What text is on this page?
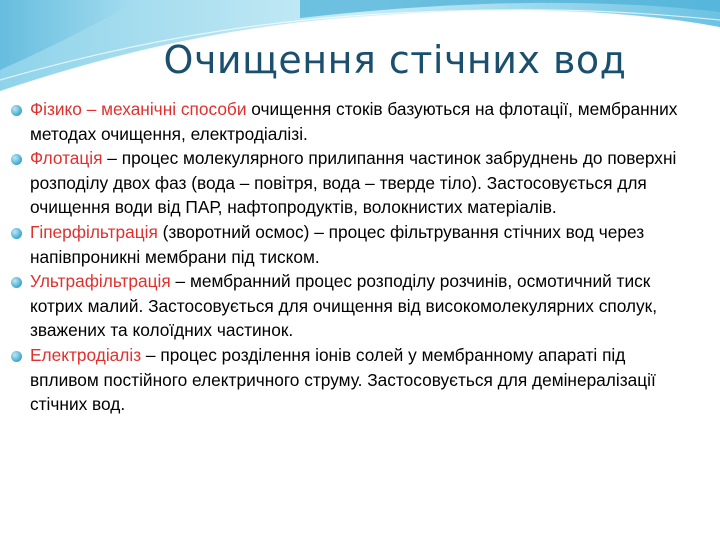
Очищення стічних вод
Фізико – механічні способи очищення стоків базуються на флотації, мембранних методах очищення, електродіалізі.
Флотація – процес молекулярного прилипання частинок забруднень до поверхні розподілу двох фаз (вода – повітря, вода – тверде тіло). Застосовується для очищення води від ПАР, нафтопродуктів, волокнистих матеріалів.
Гіперфільтрація (зворотний осмос) – процес фільтрування стічних вод через напівпроникні мембрани під тиском.
Ультрафільтрація – мембранний процес розподілу розчинів, осмотичний тиск котрих малий. Застосовується для очищення від високомолекулярних сполук, зважених та колоїдних частинок.
Електродіаліз – процес розділення іонів солей у мембранному апараті під впливом постійного електричного струму. Застосовується для демінералізації стічних вод.
